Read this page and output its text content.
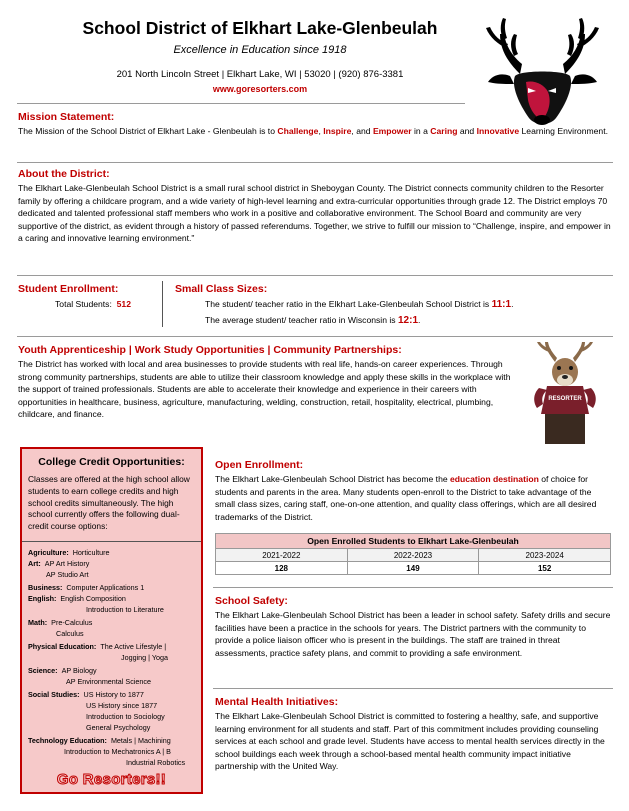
School District of Elkhart Lake-Glenbeulah
Excellence in Education since 1918
201 North Lincoln Street | Elkhart Lake, WI | 53020 | (920) 876-3381
www.goresorters.com
Mission Statement:
The Mission of the School District of Elkhart Lake - Glenbeulah is to Challenge, Inspire, and Empower in a Caring and Innovative Learning Environment.
About the District:
The Elkhart Lake-Glenbeulah School District is a small rural school district in Sheboygan County. The District connects community children to the Resorter family by offering a childcare program, and a wide variety of high-level learning and extra-curricular opportunities through grade 12. The District employs 70 dedicated and talented professional staff members who work in a positive and collaborative environment. The School Board and community are very supportive of the district, as evident through a history of passed referendums. Together, we strive to fulfill our mission to “Challenge, inspire, and empower in a caring and innovative learning environment."
Student Enrollment:
Total Students: 512
Small Class Sizes:
The student/ teacher ratio in the Elkhart Lake-Glenbeulah School District is 11:1.
The average student/ teacher ratio in Wisconsin is 12:1.
Youth Apprenticeship | Work Study Opportunities | Community Partnerships:
The District has worked with local and area businesses to provide students with real life, hands-on career experiences. Through strong community partnerships, students are able to utilize their classroom knowledge and apply these skills in the workplace with the support of trained professionals. Students are able to accelerate their knowledge and experience in their careers with opportunities in healthcare, business, agriculture, manufacturing, welding, construction, retail, hospitality, electrical, plumbing, childcare, and finance.
RESORTER
College Credit Opportunities:
Classes are offered at the high school allow students to earn college credits and high school credits simultaneously. The high school currently offers the following dual-credit course options:
Agriculture: Horticulture
Art: AP Art History
AP Studio Art
Business: Computer Applications 1
English: English Composition
Introduction to Literature
Math: Pre-Calculus
Calculus
Physical Education: The Active Lifestyle |
Jogging | Yoga
Science: AP Biology
AP Environmental Science
Social Studies: US History to 1877
US History since 1877
Introduction to Sociology
General Psychology
Technology Education: Metals | Machining
Introduction to Mechatronics A | B
Industrial Robotics
Go Resorters!!
Open Enrollment:
The Elkhart Lake-Glenbeulah School District has become the education destination of choice for students and parents in the area. Many students open-enroll to the District to take advantage of the small class sizes, caring staff, one-on-one attention, and quality class offerings, which are all desired trademarks of the District.
Open Enrolled Students to Elkhart Lake-Glenbeulah		
2021-2022	2022-2023	2023-2024
128	149	152
School Safety:
The Elkhart Lake-Glenbeulah School District has been a leader in school safety. Safety drills and secure facilities have been a practice in the schools for years. The District partners with the community to provide a police liaison officer who is present in the buildings. The staff are trained in threat assessments, practice safety plans, and commit to providing a safe environment.
Mental Health Initiatives:
The Elkhart Lake-Glenbeulah School District is committed to fostering a healthy, safe, and supportive learning environment for all students and staff. Part of this commitment includes providing counseling services at each school and grade level. Students have access to mental health services directly in the school buildings each week through a school-based mental health community impact initiative partnership with the United Way.
